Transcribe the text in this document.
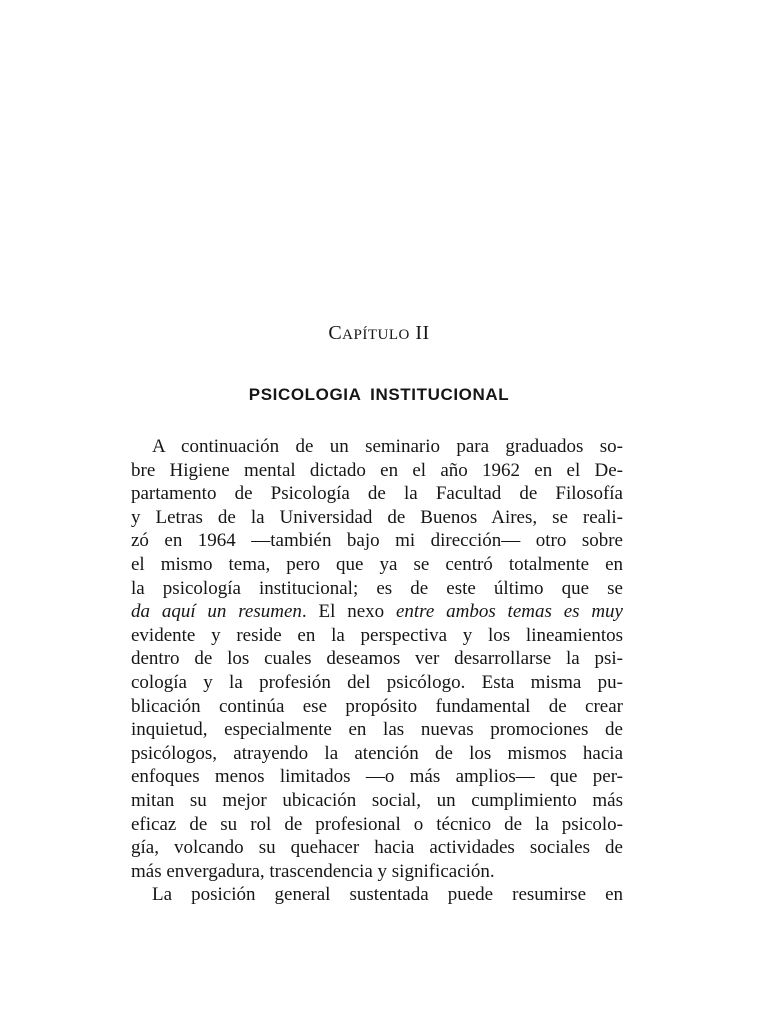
CAPÍTULO II
PSICOLOGIA INSTITUCIONAL
A continuación de un seminario para graduados so-
bre Higiene mental dictado en el año 1962 en el De-
partamento de Psicología de la Facultad de Filosofía
y Letras de la Universidad de Buenos Aires, se reali-
zó en 1964 —también bajo mi dirección— otro sobre
el mismo tema, pero que ya se centró totalmente en
la psicología institucional; es de este último que se
da aquí un resumen. El nexo entre ambos temas es muy
evidente y reside en la perspectiva y los lineamientos
dentro de los cuales deseamos ver desarrollarse la psi-
cología y la profesión del psicólogo. Esta misma pu-
blicación continúa ese propósito fundamental de crear
inquietud, especialmente en las nuevas promociones de
psicólogos, atrayendo la atención de los mismos hacia
enfoques menos limitados —o más amplios— que per-
mitan su mejor ubicación social, un cumplimiento más
eficaz de su rol de profesional o técnico de la psicolo-
gía, volcando su quehacer hacia actividades sociales de
más envergadura, trascendencia y significación.
La posición general sustentada puede resumirse en
